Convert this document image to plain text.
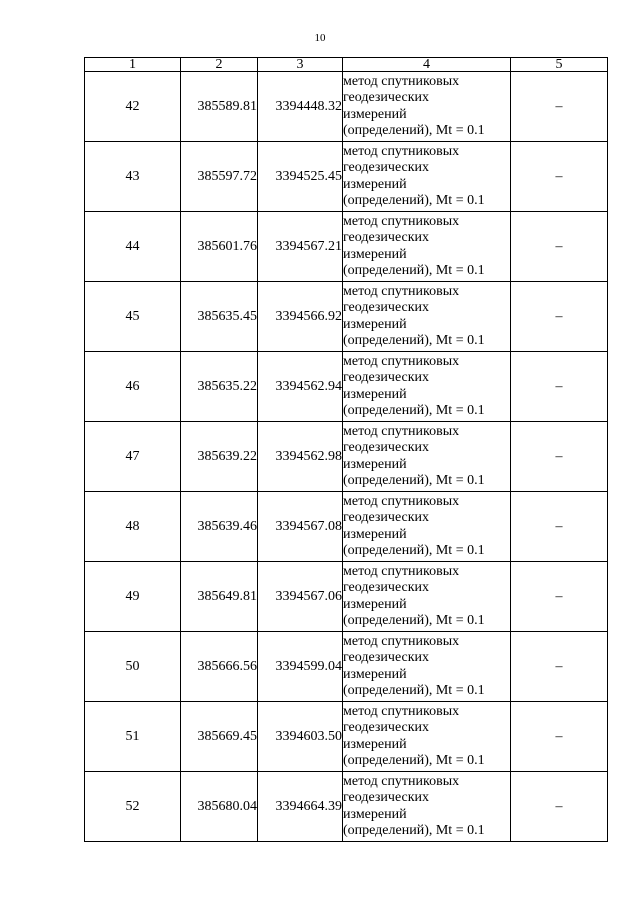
10
1	2	3	4	5
42	385589.81	3394448.32	метод спутниковых
геодезических
измерений
(определений), Mt = 0.1	–
43	385597.72	3394525.45	метод спутниковых
геодезических
измерений
(определений), Mt = 0.1	–
44	385601.76	3394567.21	метод спутниковых
геодезических
измерений
(определений), Mt = 0.1	–
45	385635.45	3394566.92	метод спутниковых
геодезических
измерений
(определений), Mt = 0.1	–
46	385635.22	3394562.94	метод спутниковых
геодезических
измерений
(определений), Mt = 0.1	–
47	385639.22	3394562.98	метод спутниковых
геодезических
измерений
(определений), Mt = 0.1	–
48	385639.46	3394567.08	метод спутниковых
геодезических
измерений
(определений), Mt = 0.1	–
49	385649.81	3394567.06	метод спутниковых
геодезических
измерений
(определений), Mt = 0.1	–
50	385666.56	3394599.04	метод спутниковых
геодезических
измерений
(определений), Mt = 0.1	–
51	385669.45	3394603.50	метод спутниковых
геодезических
измерений
(определений), Mt = 0.1	–
52	385680.04	3394664.39	метод спутниковых
геодезических
измерений
(определений), Mt = 0.1	–
